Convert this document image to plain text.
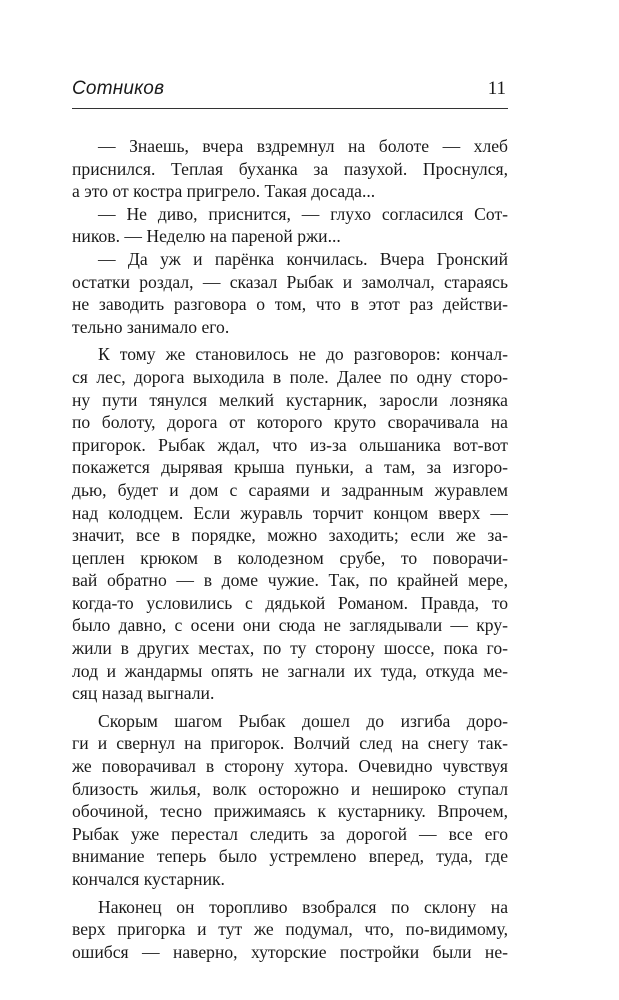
Сотников	11
— Знаешь, вчера вздремнул на болоте — хлеб
приснился. Теплая буханка за пазухой. Проснулся,
а это от костра пригрело. Такая досада...
— Не диво, приснится, — глухо согласился Сот-
ников. — Неделю на пареной ржи...
— Да уж и парёнка кончилась. Вчера Гронский
остатки роздал, — сказал Рыбак и замолчал, стараясь
не заводить разговора о том, что в этот раз действи-
тельно занимало его.
К тому же становилось не до разговоров: кончал-
ся лес, дорога выходила в поле. Далее по одну сторо-
ну пути тянулся мелкий кустарник, заросли лозняка
по болоту, дорога от которого круто сворачивала на
пригорок. Рыбак ждал, что из-за ольшаника вот-вот
покажется дырявая крыша пуньки, а там, за изгоро-
дью, будет и дом с сараями и задранным журавлем
над колодцем. Если журавль торчит концом вверх —
значит, все в порядке, можно заходить; если же за-
цеплен крюком в колодезном срубе, то поворачи-
вай обратно — в доме чужие. Так, по крайней мере,
когда-то условились с дядькой Романом. Правда, то
было давно, с осени они сюда не заглядывали — кру-
жили в других местах, по ту сторону шоссе, пока го-
лод и жандармы опять не загнали их туда, откуда ме-
сяц назад выгнали.
Скорым шагом Рыбак дошел до изгиба доро-
ги и свернул на пригорок. Волчий след на снегу так-
же поворачивал в сторону хутора. Очевидно чувствуя
близость жилья, волк осторожно и неширoко ступал
обочиной, тесно прижимаясь к кустарнику. Впрочем,
Рыбак уже перестал следить за дорогой — все его
внимание теперь было устремлено вперед, туда, где
кончался кустарник.
Наконец он торопливо взобрался по склону на
верх пригорка и тут же подумал, что, по-видимому,
ошибся — наверно, хуторские постройки были не-
